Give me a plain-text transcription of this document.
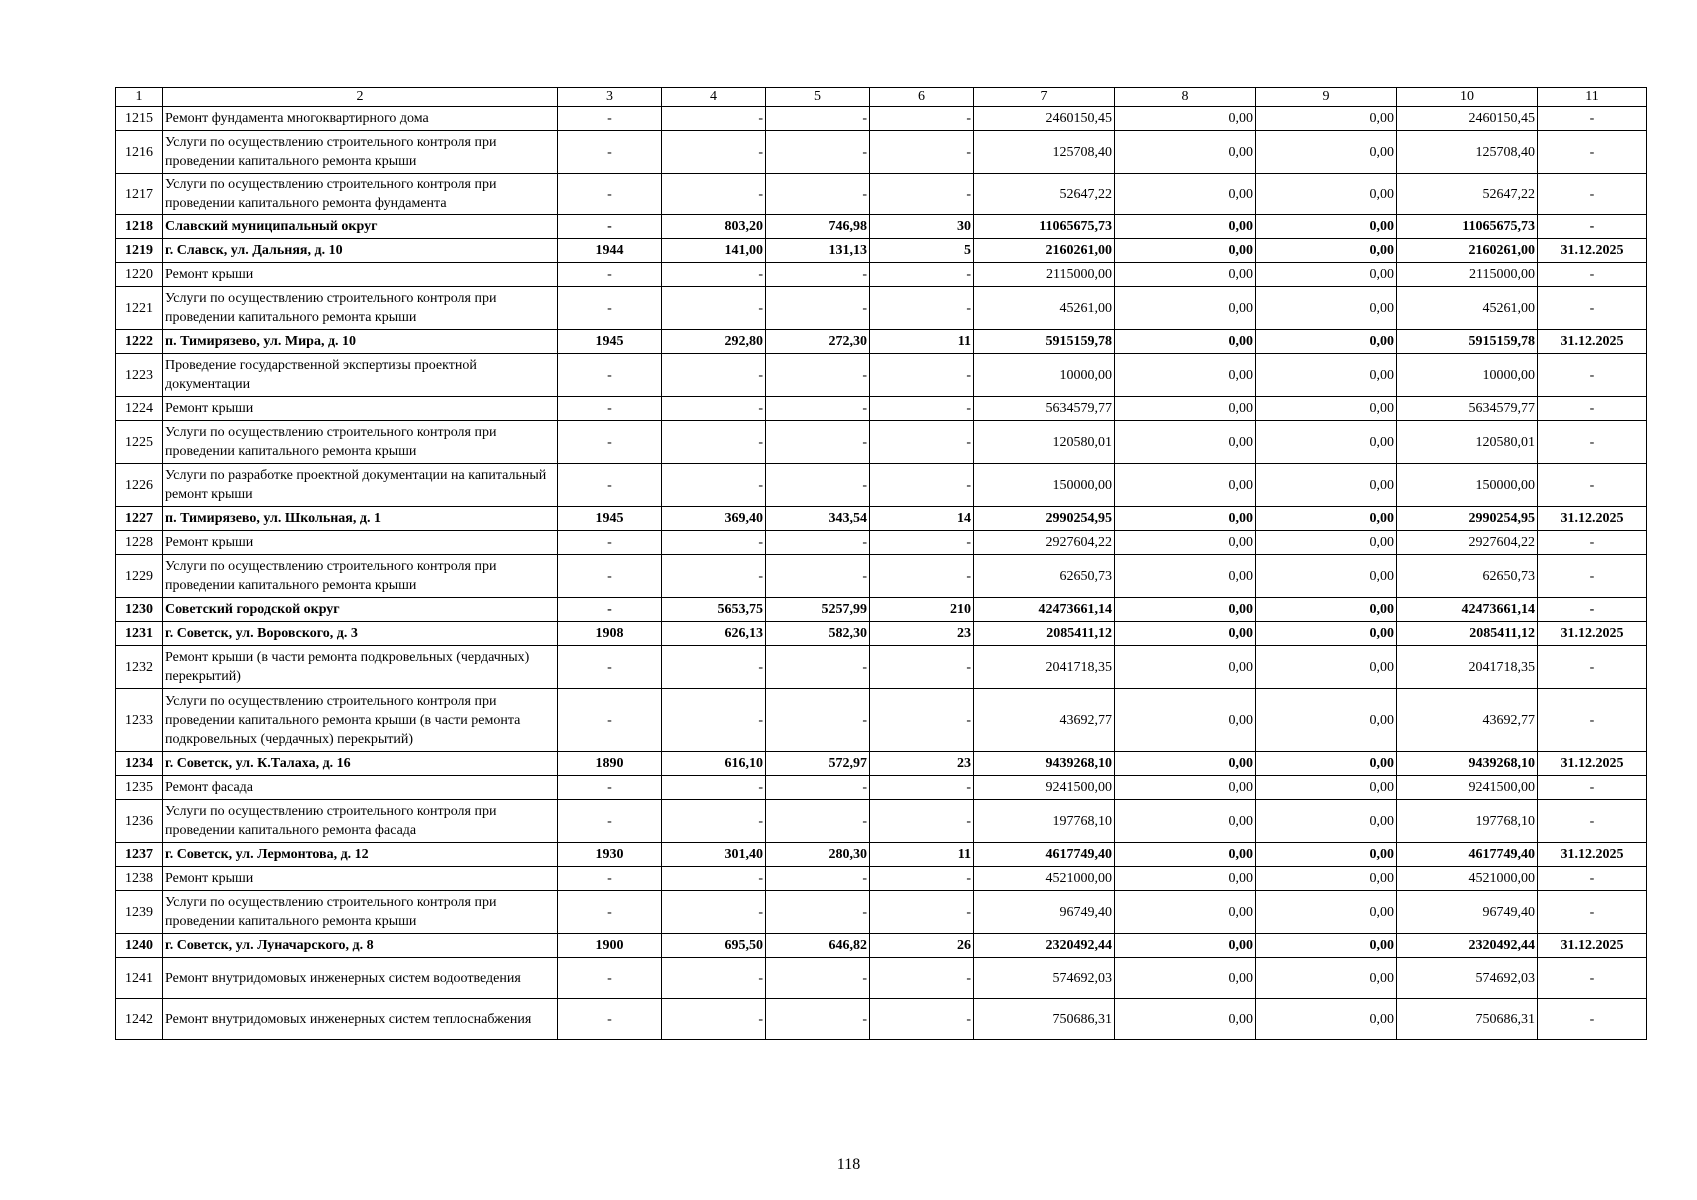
1	2	3	4	5	6	7	8	9	10	11
1215	Ремонт фундамента многоквартирного дома	-	-	-	-	2460150,45	0,00	0,00	2460150,45	-
1216	Услуги по осуществлению строительного контроля при проведении капитального ремонта крыши	-	-	-	-	125708,40	0,00	0,00	125708,40	-
1217	Услуги по осуществлению строительного контроля при проведении капитального ремонта фундамента	-	-	-	-	52647,22	0,00	0,00	52647,22	-
1218	Славский муниципальный округ	-	803,20	746,98	30	11065675,73	0,00	0,00	11065675,73	-
1219	г. Славск, ул. Дальняя, д. 10	1944	141,00	131,13	5	2160261,00	0,00	0,00	2160261,00	31.12.2025
1220	Ремонт крыши	-	-	-	-	2115000,00	0,00	0,00	2115000,00	-
1221	Услуги по осуществлению строительного контроля при проведении капитального ремонта крыши	-	-	-	-	45261,00	0,00	0,00	45261,00	-
1222	п. Тимирязево, ул. Мира, д. 10	1945	292,80	272,30	11	5915159,78	0,00	0,00	5915159,78	31.12.2025
1223	Проведение государственной экспертизы проектной документации	-	-	-	-	10000,00	0,00	0,00	10000,00	-
1224	Ремонт крыши	-	-	-	-	5634579,77	0,00	0,00	5634579,77	-
1225	Услуги по осуществлению строительного контроля при проведении капитального ремонта крыши	-	-	-	-	120580,01	0,00	0,00	120580,01	-
1226	Услуги по разработке проектной документации на капитальный ремонт крыши	-	-	-	-	150000,00	0,00	0,00	150000,00	-
1227	п. Тимирязево, ул. Школьная, д. 1	1945	369,40	343,54	14	2990254,95	0,00	0,00	2990254,95	31.12.2025
1228	Ремонт крыши	-	-	-	-	2927604,22	0,00	0,00	2927604,22	-
1229	Услуги по осуществлению строительного контроля при проведении капитального ремонта крыши	-	-	-	-	62650,73	0,00	0,00	62650,73	-
1230	Советский городской округ	-	5653,75	5257,99	210	42473661,14	0,00	0,00	42473661,14	-
1231	г. Советск, ул. Воровского, д. 3	1908	626,13	582,30	23	2085411,12	0,00	0,00	2085411,12	31.12.2025
1232	Ремонт крыши (в части ремонта подкровельных (чердачных) перекрытий)	-	-	-	-	2041718,35	0,00	0,00	2041718,35	-
1233	Услуги по осуществлению строительного контроля при проведении капитального ремонта крыши (в части ремонта подкровельных (чердачных) перекрытий)	-	-	-	-	43692,77	0,00	0,00	43692,77	-
1234	г. Советск, ул. К.Талаха, д. 16	1890	616,10	572,97	23	9439268,10	0,00	0,00	9439268,10	31.12.2025
1235	Ремонт фасада	-	-	-	-	9241500,00	0,00	0,00	9241500,00	-
1236	Услуги по осуществлению строительного контроля при проведении капитального ремонта фасада	-	-	-	-	197768,10	0,00	0,00	197768,10	-
1237	г. Советск, ул. Лермонтова, д. 12	1930	301,40	280,30	11	4617749,40	0,00	0,00	4617749,40	31.12.2025
1238	Ремонт крыши	-	-	-	-	4521000,00	0,00	0,00	4521000,00	-
1239	Услуги по осуществлению строительного контроля при проведении капитального ремонта крыши	-	-	-	-	96749,40	0,00	0,00	96749,40	-
1240	г. Советск, ул. Луначарского, д. 8	1900	695,50	646,82	26	2320492,44	0,00	0,00	2320492,44	31.12.2025
1241	Ремонт внутридомовых инженерных систем водоотведения	-	-	-	-	574692,03	0,00	0,00	574692,03	-
1242	Ремонт внутридомовых инженерных систем теплоснабжения	-	-	-	-	750686,31	0,00	0,00	750686,31	-
118
